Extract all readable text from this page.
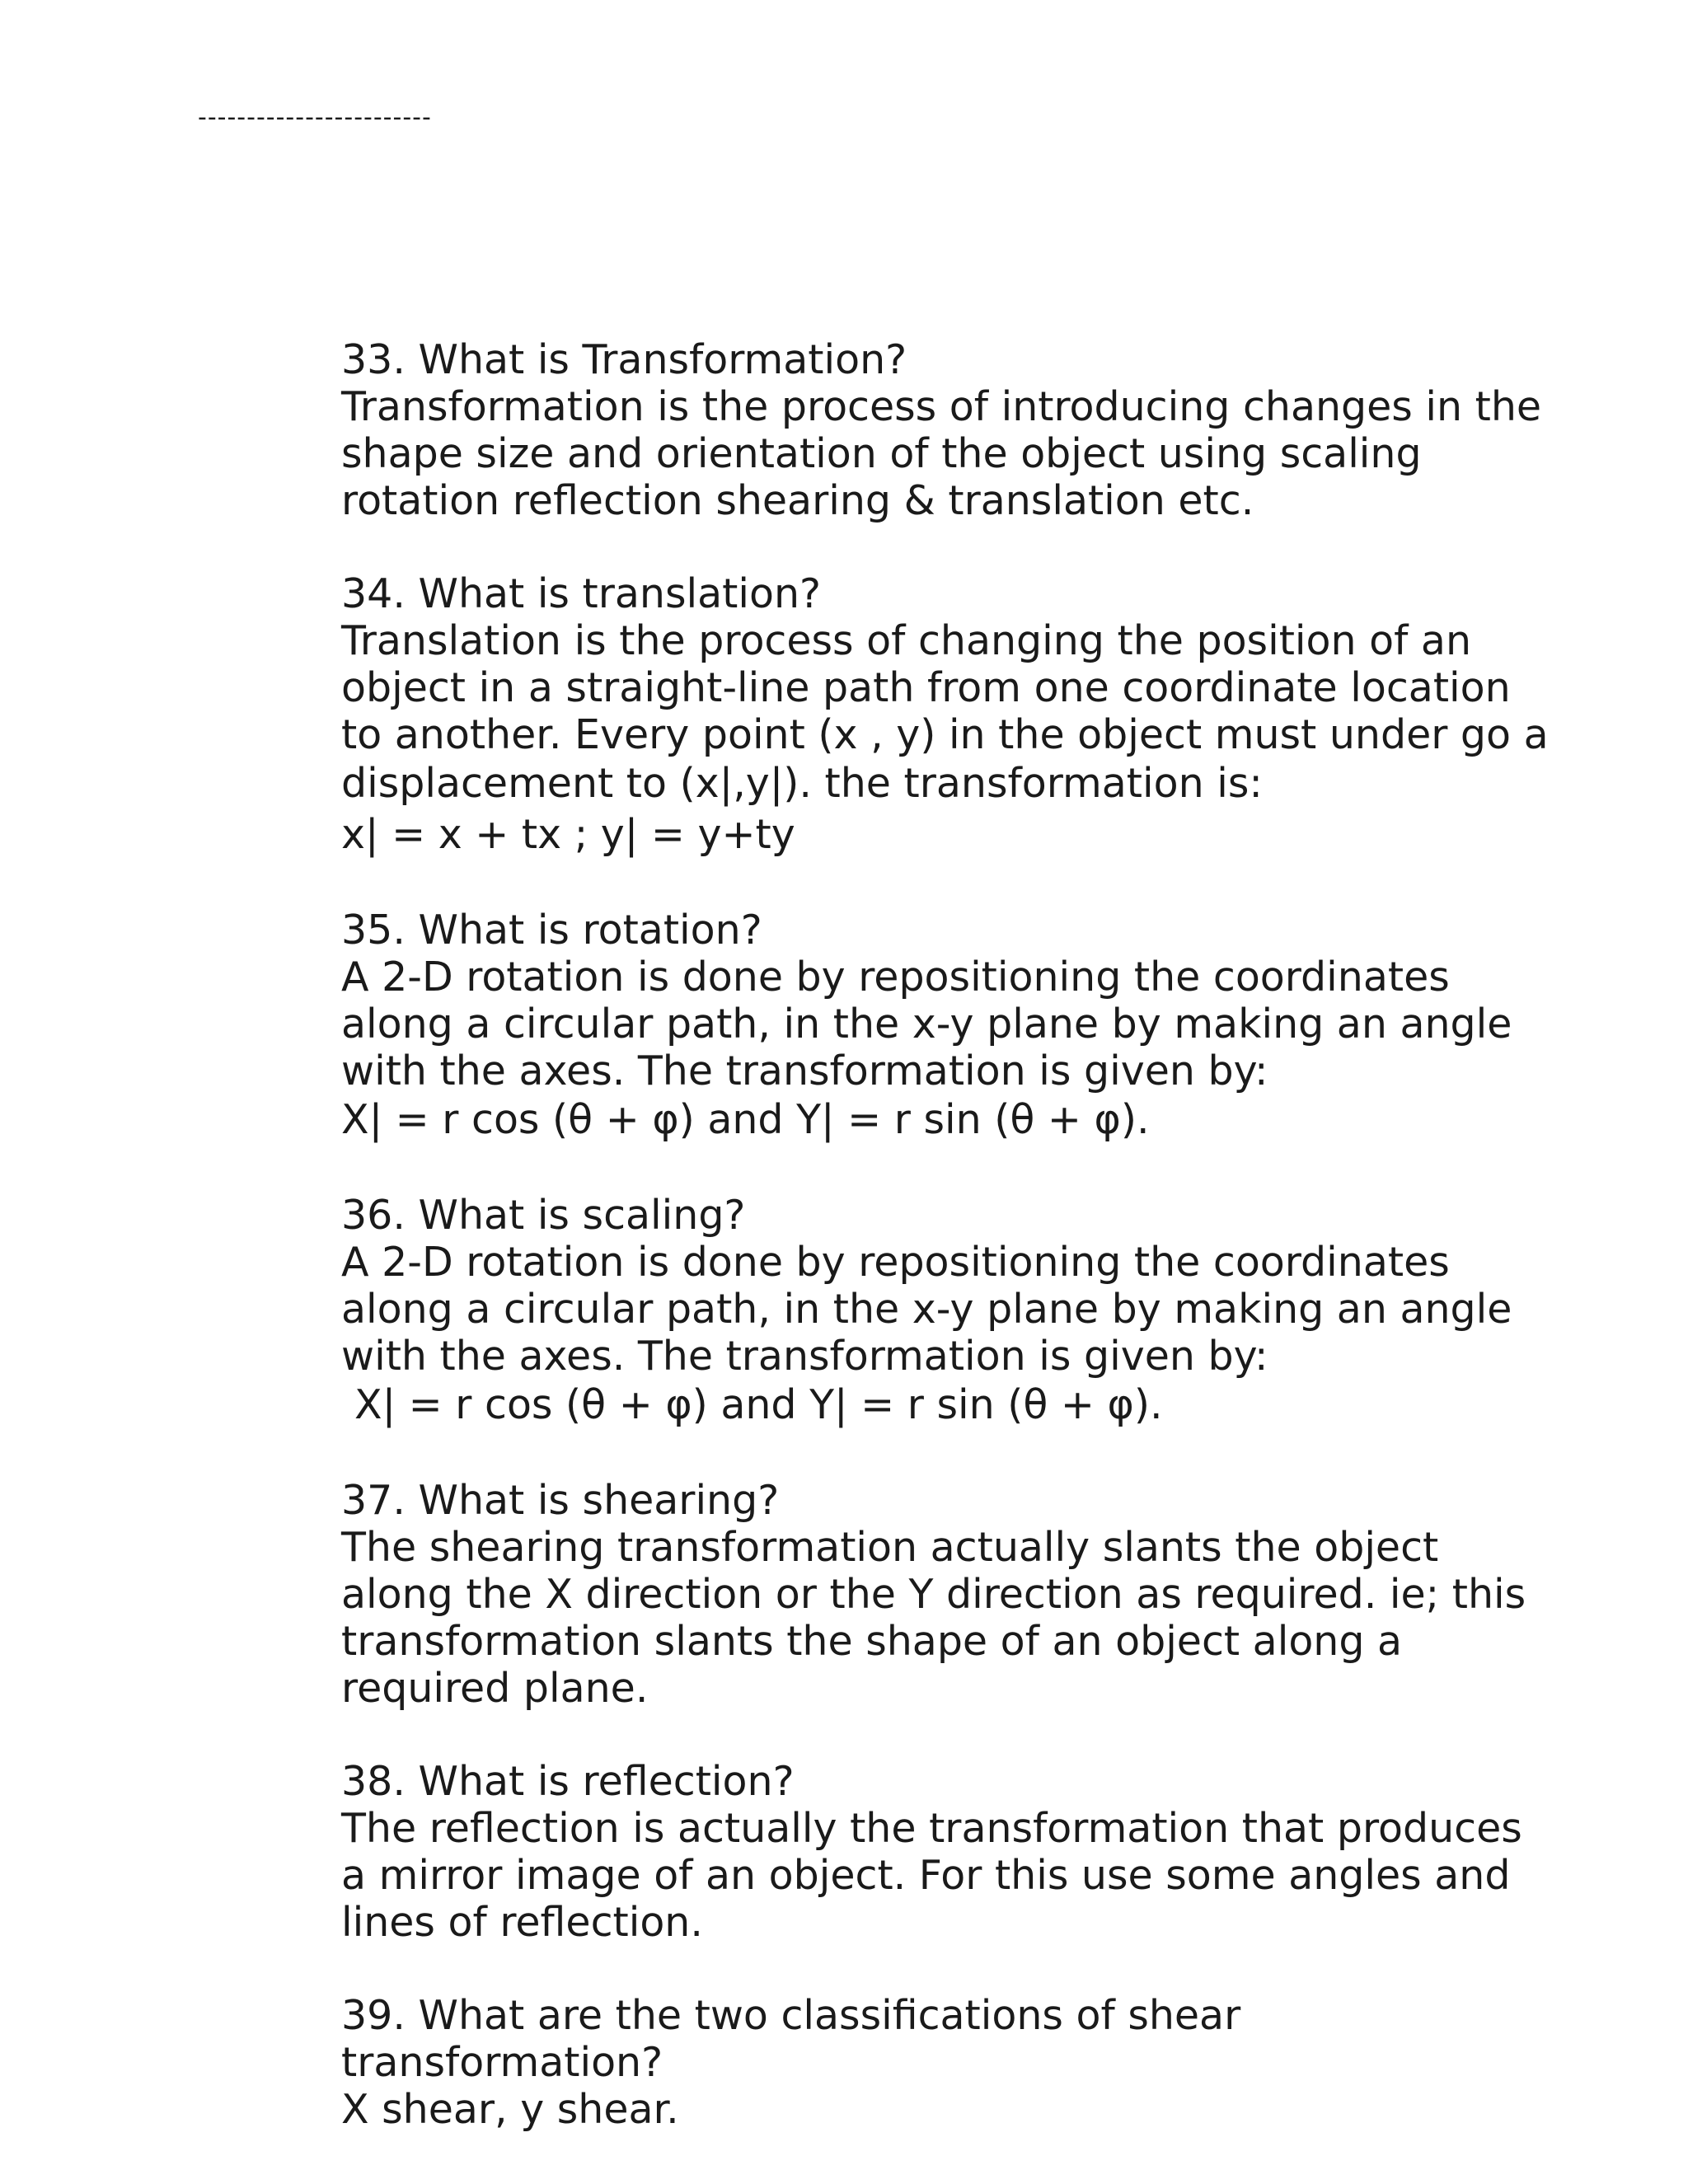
------------------------

33. What is Transformation?

Transformation is the process of introducing changes in the

shape size and orientation of the object using scaling

rotation reflection shearing & translation etc.

34. What is translation?

Translation is the process of changing the position of an

object in a straight-line path from one coordinate location

to another. Every point (x , y) in the object must under go a

displacement to (x|,y|). the transformation is:

x| = x + tx ; y| = y+ty

35. What is rotation?

A 2-D rotation is done by repositioning the coordinates

along a circular path, in the x-y plane by making an angle

with the axes. The transformation is given by:

X| = r cos (θ + φ) and Y| = r sin (θ + φ).

36. What is scaling?

A 2-D rotation is done by repositioning the coordinates

along a circular path, in the x-y plane by making an angle

with the axes. The transformation is given by:

X| = r cos (θ + φ) and Y| = r sin (θ + φ).

37. What is shearing?

The shearing transformation actually slants the object

along the X direction or the Y direction as required. ie; this

transformation slants the shape of an object along a

required plane.

38. What is reflection?

The reflection is actually the transformation that produces

a mirror image of an object. For this use some angles and

lines of reflection.

39. What are the two classifications of shear

transformation?

X shear, y shear.
